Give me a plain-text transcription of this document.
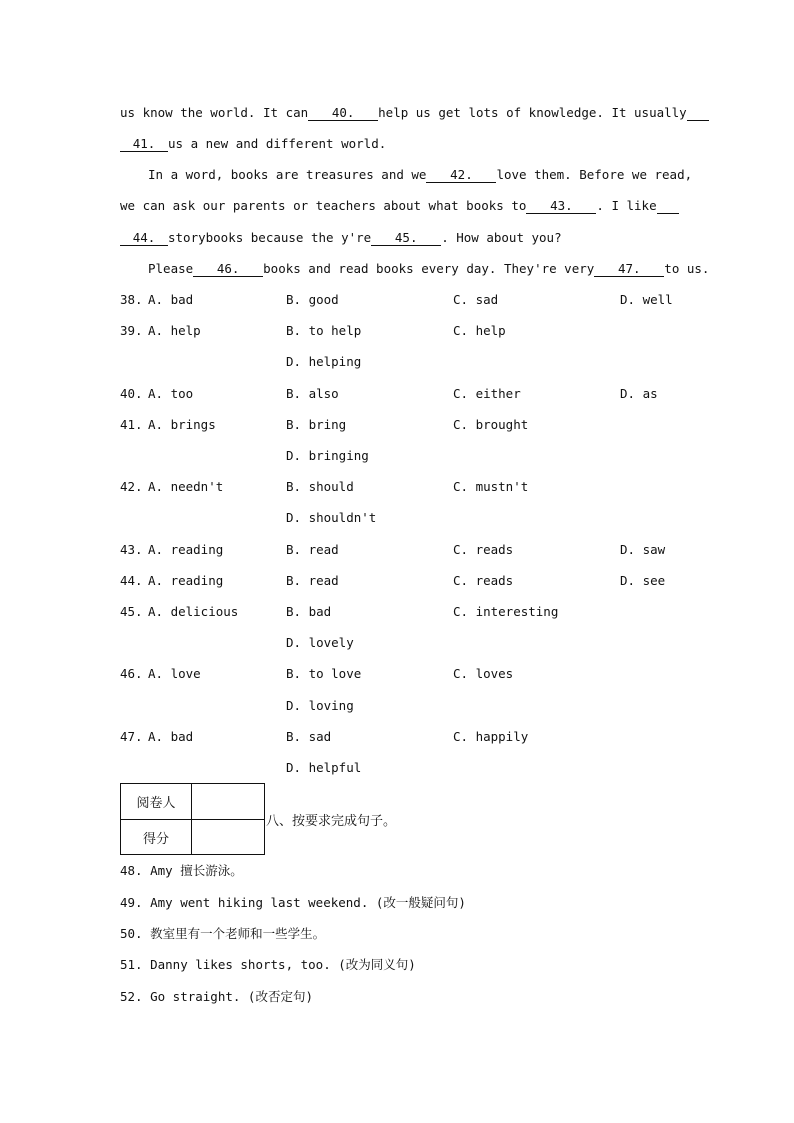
us know the world. It can 40. help us get lots of knowledge. It usually
41. us a new and different world.
In a word, books are treasures and we 42. love them. Before we read,
we can ask our parents or teachers about what books to 43. . I like
44. storybooks because the y're 45. . How about you?
Please 46. books and read books every day. They're very 47. to us.
38. A. bad	B. good	C. sad	D. well
39. A. help	B. to help	C. help
D. helping
40. A. too	B. also	C. either	D. as
41. A. brings	B. bring	C. brought
D. bringing
42. A. needn't	B. should	C. mustn't
D. shouldn't
43. A. reading	B. read	C. reads	D. saw
44. A. reading	B. read	C. reads	D. see
45. A. delicious	B. bad	C. interesting
D. lovely
46. A. love	B. to love	C. loves
D. loving
47. A. bad	B. sad	C. happily
D. helpful
阅卷人
得分
八、按要求完成句子。
48. Amy 擅长游泳。
49. Amy went hiking last weekend. (改一般疑问句)
50. 教室里有一个老师和一些学生。
51. Danny likes shorts, too. (改为同义句)
52. Go straight. (改否定句)
